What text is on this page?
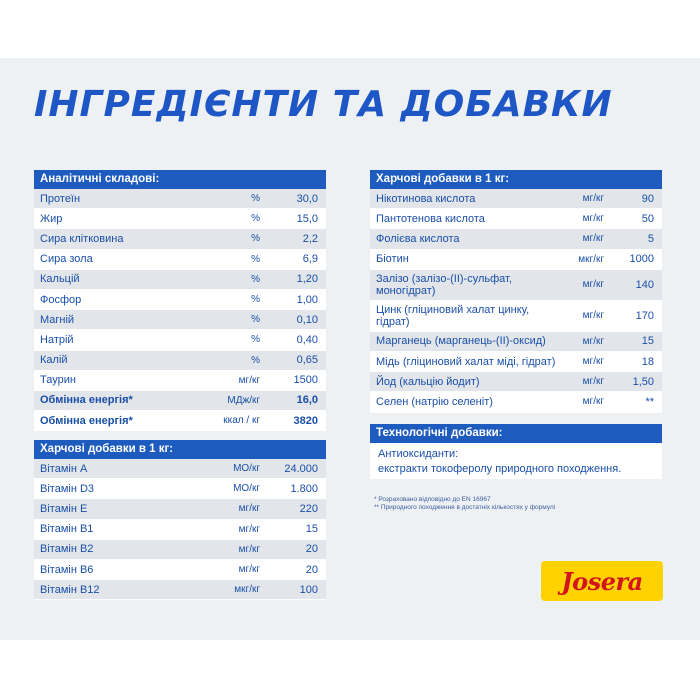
ІНГРЕДІЄНТИ ТА ДОБАВКИ
Аналітичні складові:
Протеїн	%	30,0
Жир	%	15,0
Сира клітковина	%	2,2
Сира зола	%	6,9
Кальцій	%	1,20
Фосфор	%	1,00
Магній	%	0,10
Натрій	%	0,40
Калій	%	0,65
Таурин	мг/кг	1500
Обмінна енергія*	МДж/кг	16,0
Обмінна енергія*	ккал / кг	3820
Харчові добавки в 1 кг:
Вітамін А	МО/кг	24.000
Вітамін D3	МО/кг	1.800
Вітамін Е	мг/кг	220
Вітамін В1	мг/кг	15
Вітамін В2	мг/кг	20
Вітамін В6	мг/кг	20
Вітамін В12	мкг/кг	100
Харчові добавки в 1 кг:
Нікотинова кислота	мг/кг	90
Пантотенова кислота	мг/кг	50
Фолієва кислота	мг/кг	5
Біотин	мкг/кг	1000
Залізо (залізо-(II)-сульфат, моногідрат)	мг/кг	140
Цинк (гліциновий халат цинку, гідрат)	мг/кг	170
Марганець (марганець-(II)-оксид)	мг/кг	15
Мідь (гліциновий халат міді, гідрат)	мг/кг	18
Йод (кальцію йодит)	мг/кг	1,50
Селен (натрію селеніт)	мг/кг	**
Технологічні добавки:
Антиоксиданти:
екстракти токоферолу природного походження.
* Розраховано відповідно до EN 16967
** Природного походження в достатніх кількостях у формулі
Josera
